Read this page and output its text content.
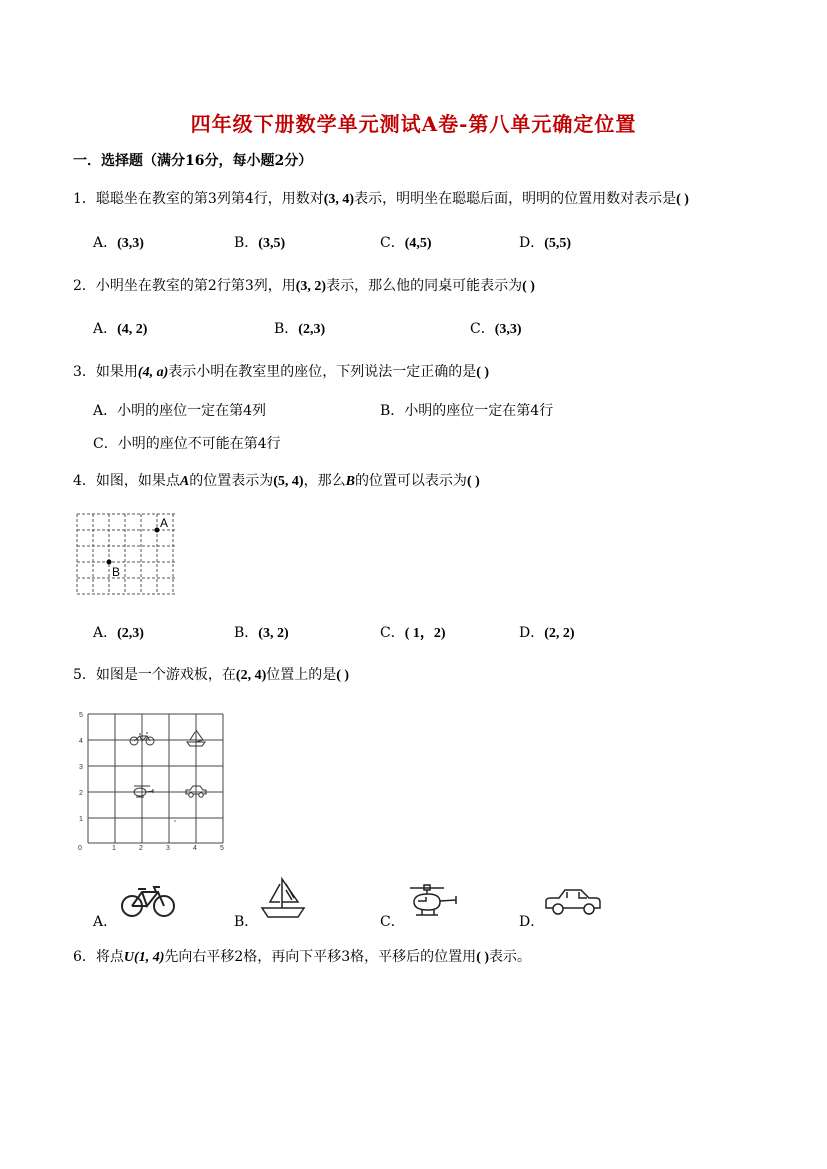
四年级下册数学单元测试A卷-第八单元确定位置
一．选择题（满分16分，每小题2分）
1．聪聪坐在教室的第3列第4行，用数对(3, 4)表示，明明坐在聪聪后面，明明的位置用数对表示是( )
A．(3,3)	B．(3,5)	C．(4,5)	D．(5,5)
2．小明坐在教室的第2行第3列，用(3, 2)表示，那么他的同桌可能表示为( )
A．(4, 2)	B．(2,3)	C．(3,3)
3．如果用(4, a)表示小明在教室里的座位，下列说法一定正确的是( )
A．小明的座位一定在第4列	B．小明的座位一定在第4行
C．小明的座位不可能在第4行
4．如图，如果点A的位置表示为(5, 4)，那么B的位置可以表示为( )
A
B
A．(2,3)	B．(3, 2)	C．( 1，2)	D．(2, 2)
5．如图是一个游戏板，在(2, 4)位置上的是( )
0	1	2	3	4	5
1
2
3
4
5
A．	B．	C．	D．
6．将点U(1, 4)先向右平移2格，再向下平移3格，平移后的位置用( )表示。
